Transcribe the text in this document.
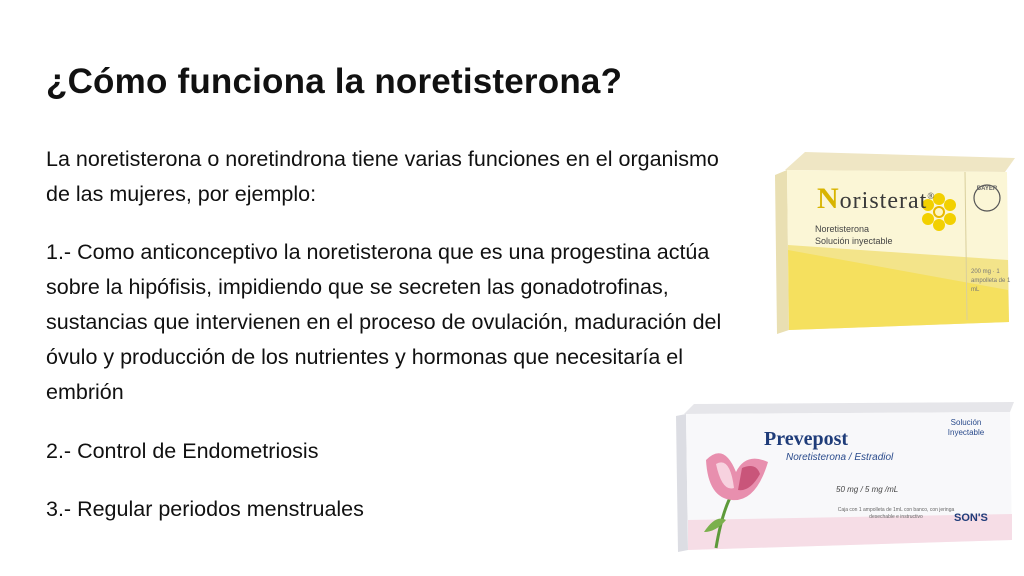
¿Cómo funciona la noretisterona?

La noretisterona o noretindrona tiene varias funciones en el organismo de las mujeres, por ejemplo:

1.- Como anticonceptivo la noretisterona que es una progestina actúa sobre la hipófisis, impidiendo que se secreten las gonadotrofinas, sustancias que intervienen en el proceso de ovulación, maduración del óvulo y producción de los nutrientes y hormonas que necesitaría el embrión

2.- Control de Endometriosis

3.- Regular periodos menstruales

Noristerat®
Noretisterona
Solución inyectable
BAYER
200 mg · 1 ampolleta de 1 mL
Prevepost
Noretisterona / Estradiol
Solución Inyectable
50 mg / 5 mg /mL
Caja con 1 ampolleta de 1mL con banco, con jeringa desechable e instructivo	SON'S
